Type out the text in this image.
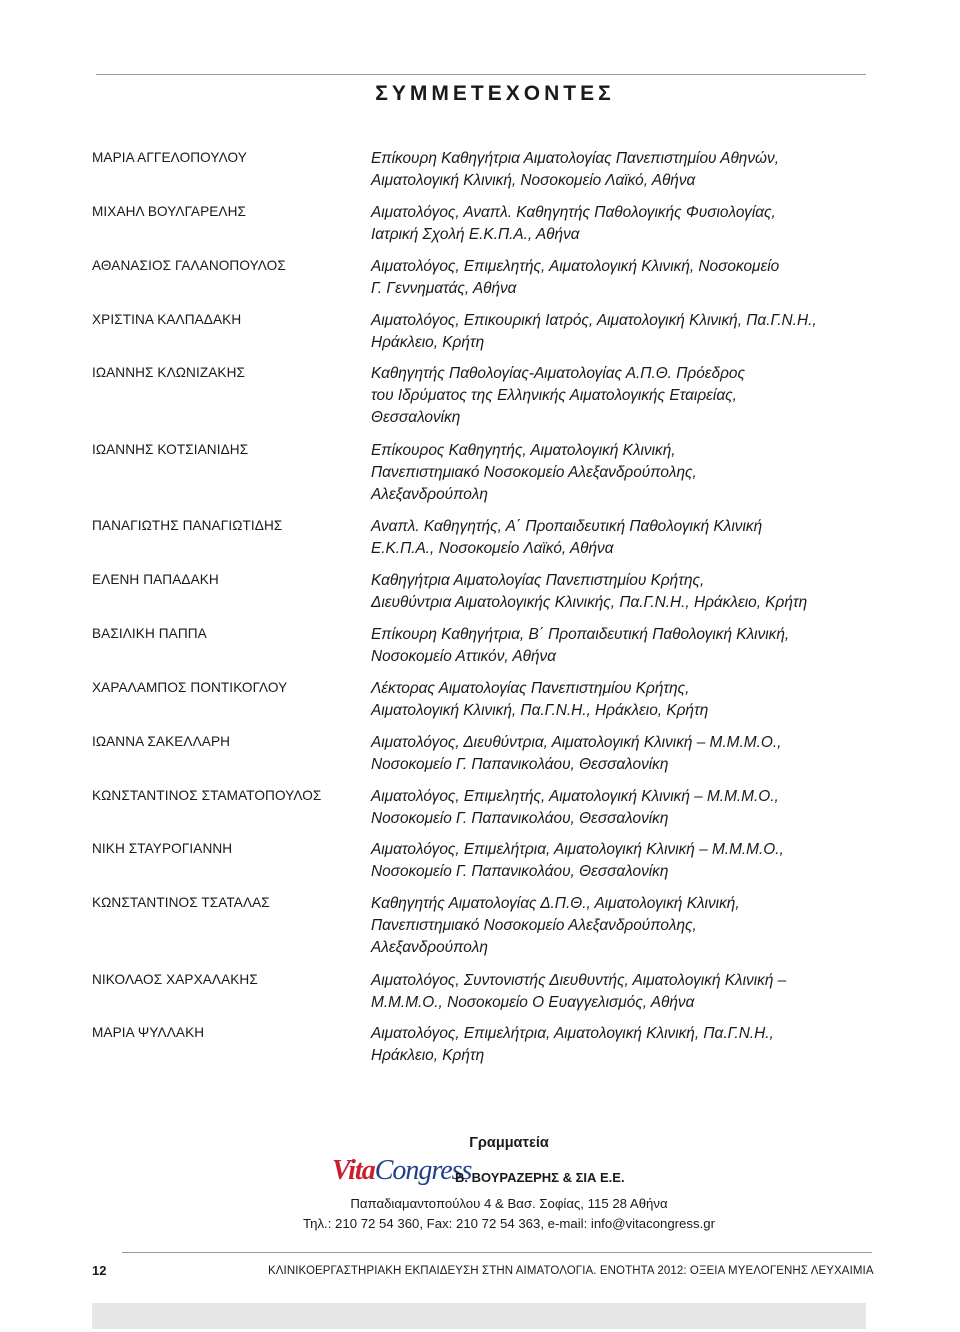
ΣΥΜΜΕΤΕΧΟΝΤΕΣ
ΜΑΡΙΑ ΑΓΓΕΛΟΠΟΥΛΟΥ	Επίκουρη Καθηγήτρια Αιματολογίας Πανεπιστημίου Αθηνών,
Αιματολογική Κλινική, Νοσοκομείο Λαϊκό, Αθήνα
ΜΙΧΑΗΛ ΒΟΥΛΓΑΡΕΛΗΣ	Αιματολόγος, Αναπλ. Καθηγητής Παθολογικής Φυσιολογίας,
Ιατρική Σχολή Ε.Κ.Π.Α., Αθήνα
ΑΘΑΝΑΣΙΟΣ ΓΑΛΑΝΟΠΟΥΛΟΣ	Αιματολόγος, Επιμελητής, Αιματολογική Κλινική, Νοσοκομείο
Γ. Γεννηματάς, Αθήνα
ΧΡΙΣΤΙΝΑ ΚΑΛΠΑΔΑΚΗ	Αιματολόγος, Επικουρική Ιατρός, Αιματολογική Κλινική, Πα.Γ.Ν.Η.,
Ηράκλειο, Κρήτη
ΙΩΑΝΝΗΣ ΚΛΩΝΙΖΑΚΗΣ	Καθηγητής Παθολογίας-Αιματολογίας Α.Π.Θ. Πρόεδρος
του Ιδρύματος της Ελληνικής Αιματολογικής Εταιρείας,
Θεσσαλονίκη
ΙΩΑΝΝΗΣ ΚΟΤΣΙΑΝΙΔΗΣ	Επίκουρος Καθηγητής, Αιματολογική Κλινική,
Πανεπιστημιακό Νοσοκομείο Αλεξανδρούπολης,
Αλεξανδρούπολη
ΠΑΝΑΓΙΩΤΗΣ ΠΑΝΑΓΙΩΤΙΔΗΣ	Αναπλ. Καθηγητής, Α΄ Προπαιδευτική Παθολογική Κλινική
Ε.Κ.Π.Α., Νοσοκομείο Λαϊκό, Αθήνα
ΕΛΕΝΗ ΠΑΠΑΔΑΚΗ	Καθηγήτρια Αιματολογίας Πανεπιστημίου Κρήτης,
Διευθύντρια Αιματολογικής Κλινικής, Πα.Γ.Ν.Η., Ηράκλειο, Κρήτη
ΒΑΣΙΛΙΚΗ ΠΑΠΠΑ	Επίκουρη Καθηγήτρια, Β΄ Προπαιδευτική Παθολογική Κλινική,
Νοσοκομείο Αττικόν, Αθήνα
ΧΑΡΑΛΑΜΠΟΣ ΠΟΝΤΙΚΟΓΛΟΥ	Λέκτορας Αιματολογίας Πανεπιστημίου Κρήτης,
Αιματολογική Κλινική, Πα.Γ.Ν.Η., Ηράκλειο, Κρήτη
ΙΩΑΝΝΑ ΣΑΚΕΛΛΑΡΗ	Αιματολόγος, Διευθύντρια, Αιματολογική Κλινική – Μ.Μ.Μ.Ο.,
Νοσοκομείο Γ. Παπανικολάου, Θεσσαλονίκη
ΚΩΝΣΤΑΝΤΙΝΟΣ ΣΤΑΜΑΤΟΠΟΥΛΟΣ	Αιματολόγος, Επιμελητής, Αιματολογική Κλινική – Μ.Μ.Μ.Ο.,
Νοσοκομείο Γ. Παπανικολάου, Θεσσαλονίκη
ΝΙΚΗ ΣΤΑΥΡΟΓΙΑΝΝΗ	Αιματολόγος, Επιμελήτρια, Αιματολογική Κλινική – Μ.Μ.Μ.Ο.,
Νοσοκομείο Γ. Παπανικολάου, Θεσσαλονίκη
ΚΩΝΣΤΑΝΤΙΝΟΣ ΤΣΑΤΑΛΑΣ	Καθηγητής Αιματολογίας Δ.Π.Θ., Αιματολογική Κλινική,
Πανεπιστημιακό Νοσοκομείο Αλεξανδρούπολης,
Αλεξανδρούπολη
ΝΙΚΟΛΑΟΣ ΧΑΡΧΑΛΑΚΗΣ	Αιματολόγος, Συντονιστής Διευθυντής, Αιματολογική Κλινική –
Μ.Μ.Μ.Ο., Νοσοκομείο Ο Ευαγγελισμός, Αθήνα
ΜΑΡΙΑ ΨΥΛΛΑΚΗ	Αιματολόγος, Επιμελήτρια, Αιματολογική Κλινική, Πα.Γ.Ν.Η.,
Ηράκλειο, Κρήτη
Γραμματεία
VitaCongress
Β. ΒΟΥΡΑΖΕΡΗΣ & ΣΙΑ Ε.Ε.
Παπαδιαμαντοπούλου 4 & Βασ. Σοφίας, 115 28 Αθήνα
Τηλ.: 210 72 54 360, Fax: 210 72 54 363, e-mail: info@vitacongress.gr
12	ΚΛΙΝΙΚΟΕΡΓΑΣΤΗΡΙΑΚΗ ΕΚΠΑΙΔΕΥΣΗ ΣΤΗΝ ΑΙΜΑΤΟΛΟΓΙΑ. ΕΝΟΤΗΤΑ 2012: ΟΞΕΙΑ ΜΥΕΛΟΓΕΝΗΣ ΛΕΥΧΑΙΜΙΑ
